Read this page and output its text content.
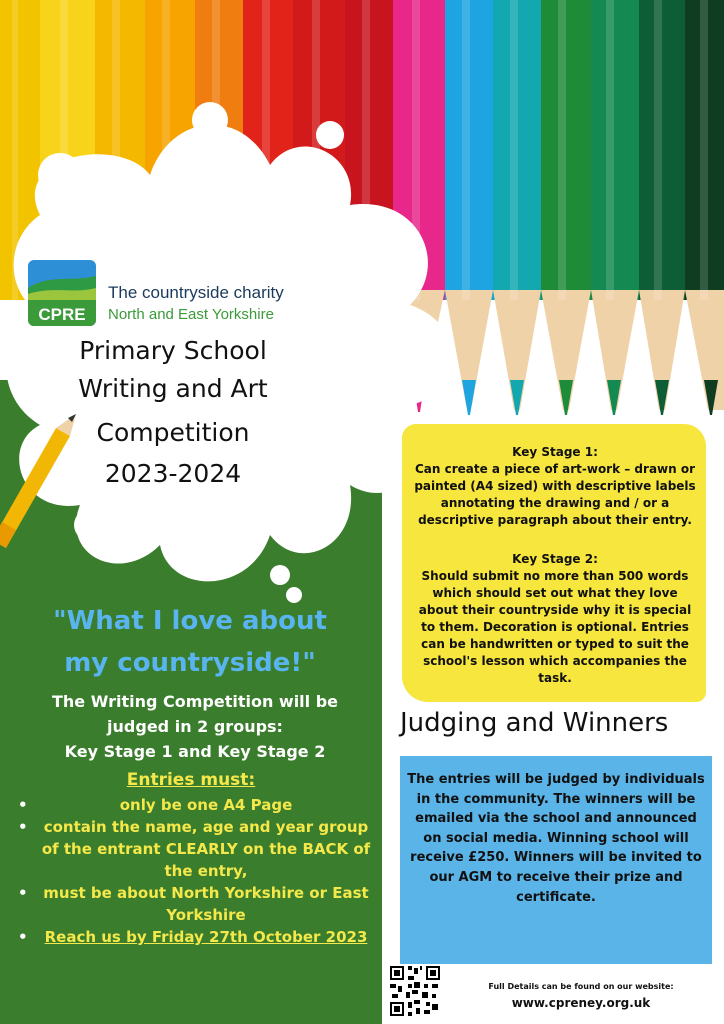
CPRE
The countryside charity
North and East Yorkshire
Primary School
Writing and Art
Competition
2023-2024
"What I love about
my countryside!"
The Writing Competition will be
judged in 2 groups:
Key Stage 1 and Key Stage 2
Entries must:
• only be one A4 Page
• contain the name, age and year group of the entrant CLEARLY on the BACK of the entry,
• must be about North Yorkshire or East Yorkshire
• Reach us by Friday 27th October 2023
Key Stage 1:
Can create a piece of art-work – drawn or painted (A4 sized) with descriptive labels annotating the drawing and / or a descriptive paragraph about their entry.
Key Stage 2:
Should submit no more than 500 words which should set out what they love about their countryside why it is special to them. Decoration is optional. Entries can be handwritten or typed to suit the school's lesson which accompanies the task.
Judging and Winners
The entries will be judged by individuals in the community. The winners will be emailed via the school and announced on social media. Winning school will receive £250. Winners will be invited to our AGM to receive their prize and certificate.
Full Details can be found on our website:
www.cpreney.org.uk
